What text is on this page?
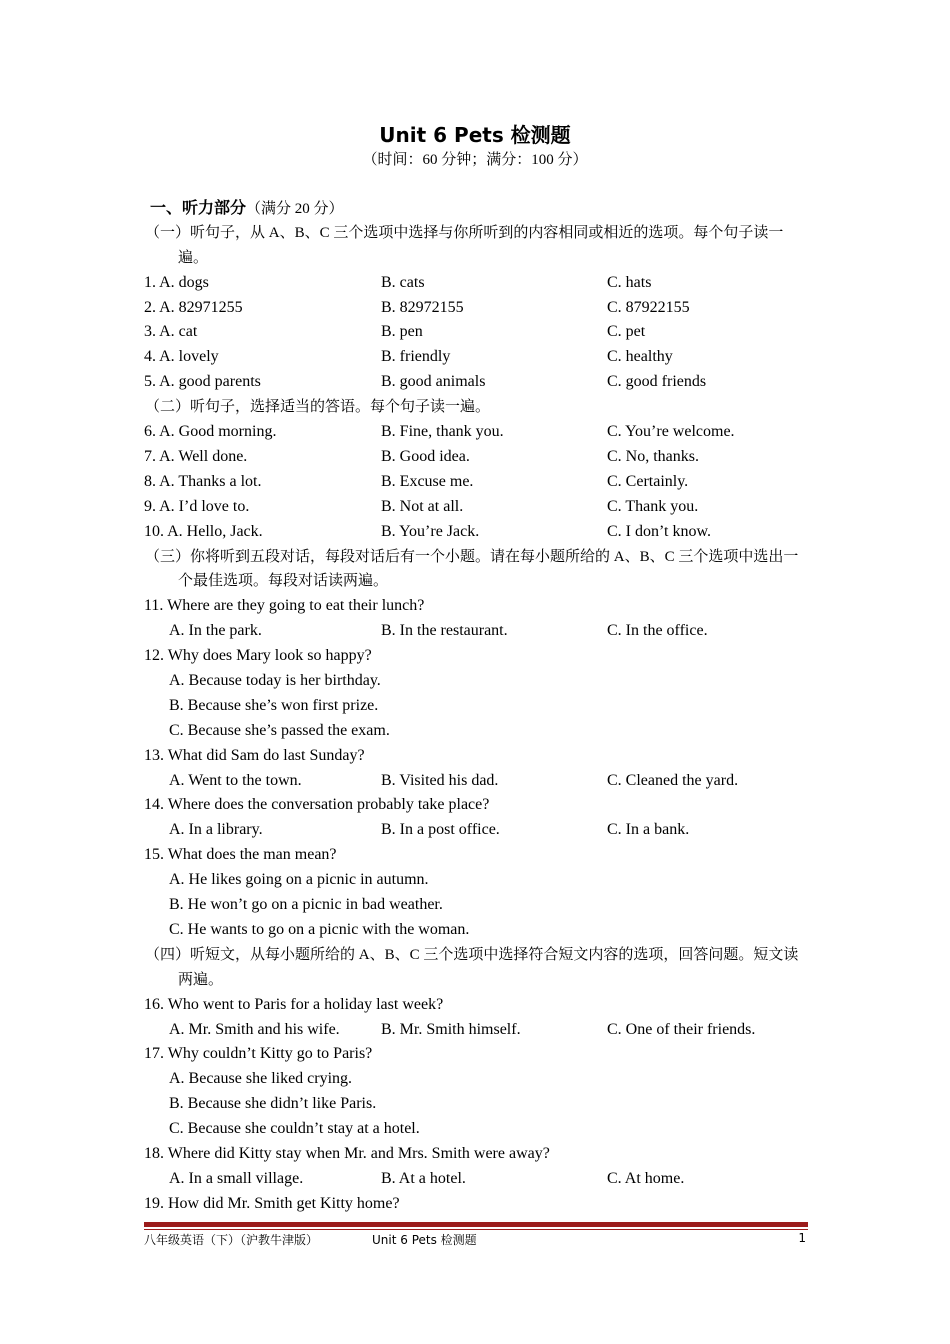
Unit 6 Pets 检测题
（时间：60 分钟；满分：100 分）
一、听力部分（满分 20 分）
（一）听句子，从 A、B、C 三个选项中选择与你所听到的内容相同或相近的选项。每个句子读一遍。
1. A. dogs	B. cats	C. hats
2. A. 82971255	B. 82972155	C. 87922155
3. A. cat	B. pen	C. pet
4. A. lovely	B. friendly	C. healthy
5. A. good parents	B. good animals	C. good friends
（二）听句子，选择适当的答语。每个句子读一遍。
6. A. Good morning.	B. Fine, thank you.	C. You’re welcome.
7. A. Well done.	B. Good idea.	C. No, thanks.
8. A. Thanks a lot.	B. Excuse me.	C. Certainly.
9. A. I’d love to.	B. Not at all.	C. Thank you.
10. A. Hello, Jack.	B. You’re Jack.	C. I don’t know.
（三）你将听到五段对话，每段对话后有一个小题。请在每小题所给的 A、B、C 三个选项中选出一个最佳选项。每段对话读两遍。
11. Where are they going to eat their lunch?
A. In the park.	B. In the restaurant.	C. In the office.
12. Why does Mary look so happy?
A. Because today is her birthday.
B. Because she’s won first prize.
C. Because she’s passed the exam.
13. What did Sam do last Sunday?
A. Went to the town.	B. Visited his dad.	C. Cleaned the yard.
14. Where does the conversation probably take place?
A. In a library.	B. In a post office.	C. In a bank.
15. What does the man mean?
A. He likes going on a picnic in autumn.
B. He won’t go on a picnic in bad weather.
C. He wants to go on a picnic with the woman.
（四）听短文，从每小题所给的 A、B、C 三个选项中选择符合短文内容的选项，回答问题。短文读两遍。
16. Who went to Paris for a holiday last week?
A. Mr. Smith and his wife.	B. Mr. Smith himself.	C. One of their friends.
17. Why couldn’t Kitty go to Paris?
A. Because she liked crying.
B. Because she didn’t like Paris.
C. Because she couldn’t stay at a hotel.
18. Where did Kitty stay when Mr. and Mrs. Smith were away?
A. In a small village.	B. At a hotel.	C. At home.
19. How did Mr. Smith get Kitty home?
八年级英语（下）（沪教牛津版）	Unit 6 Pets 检测题	1
